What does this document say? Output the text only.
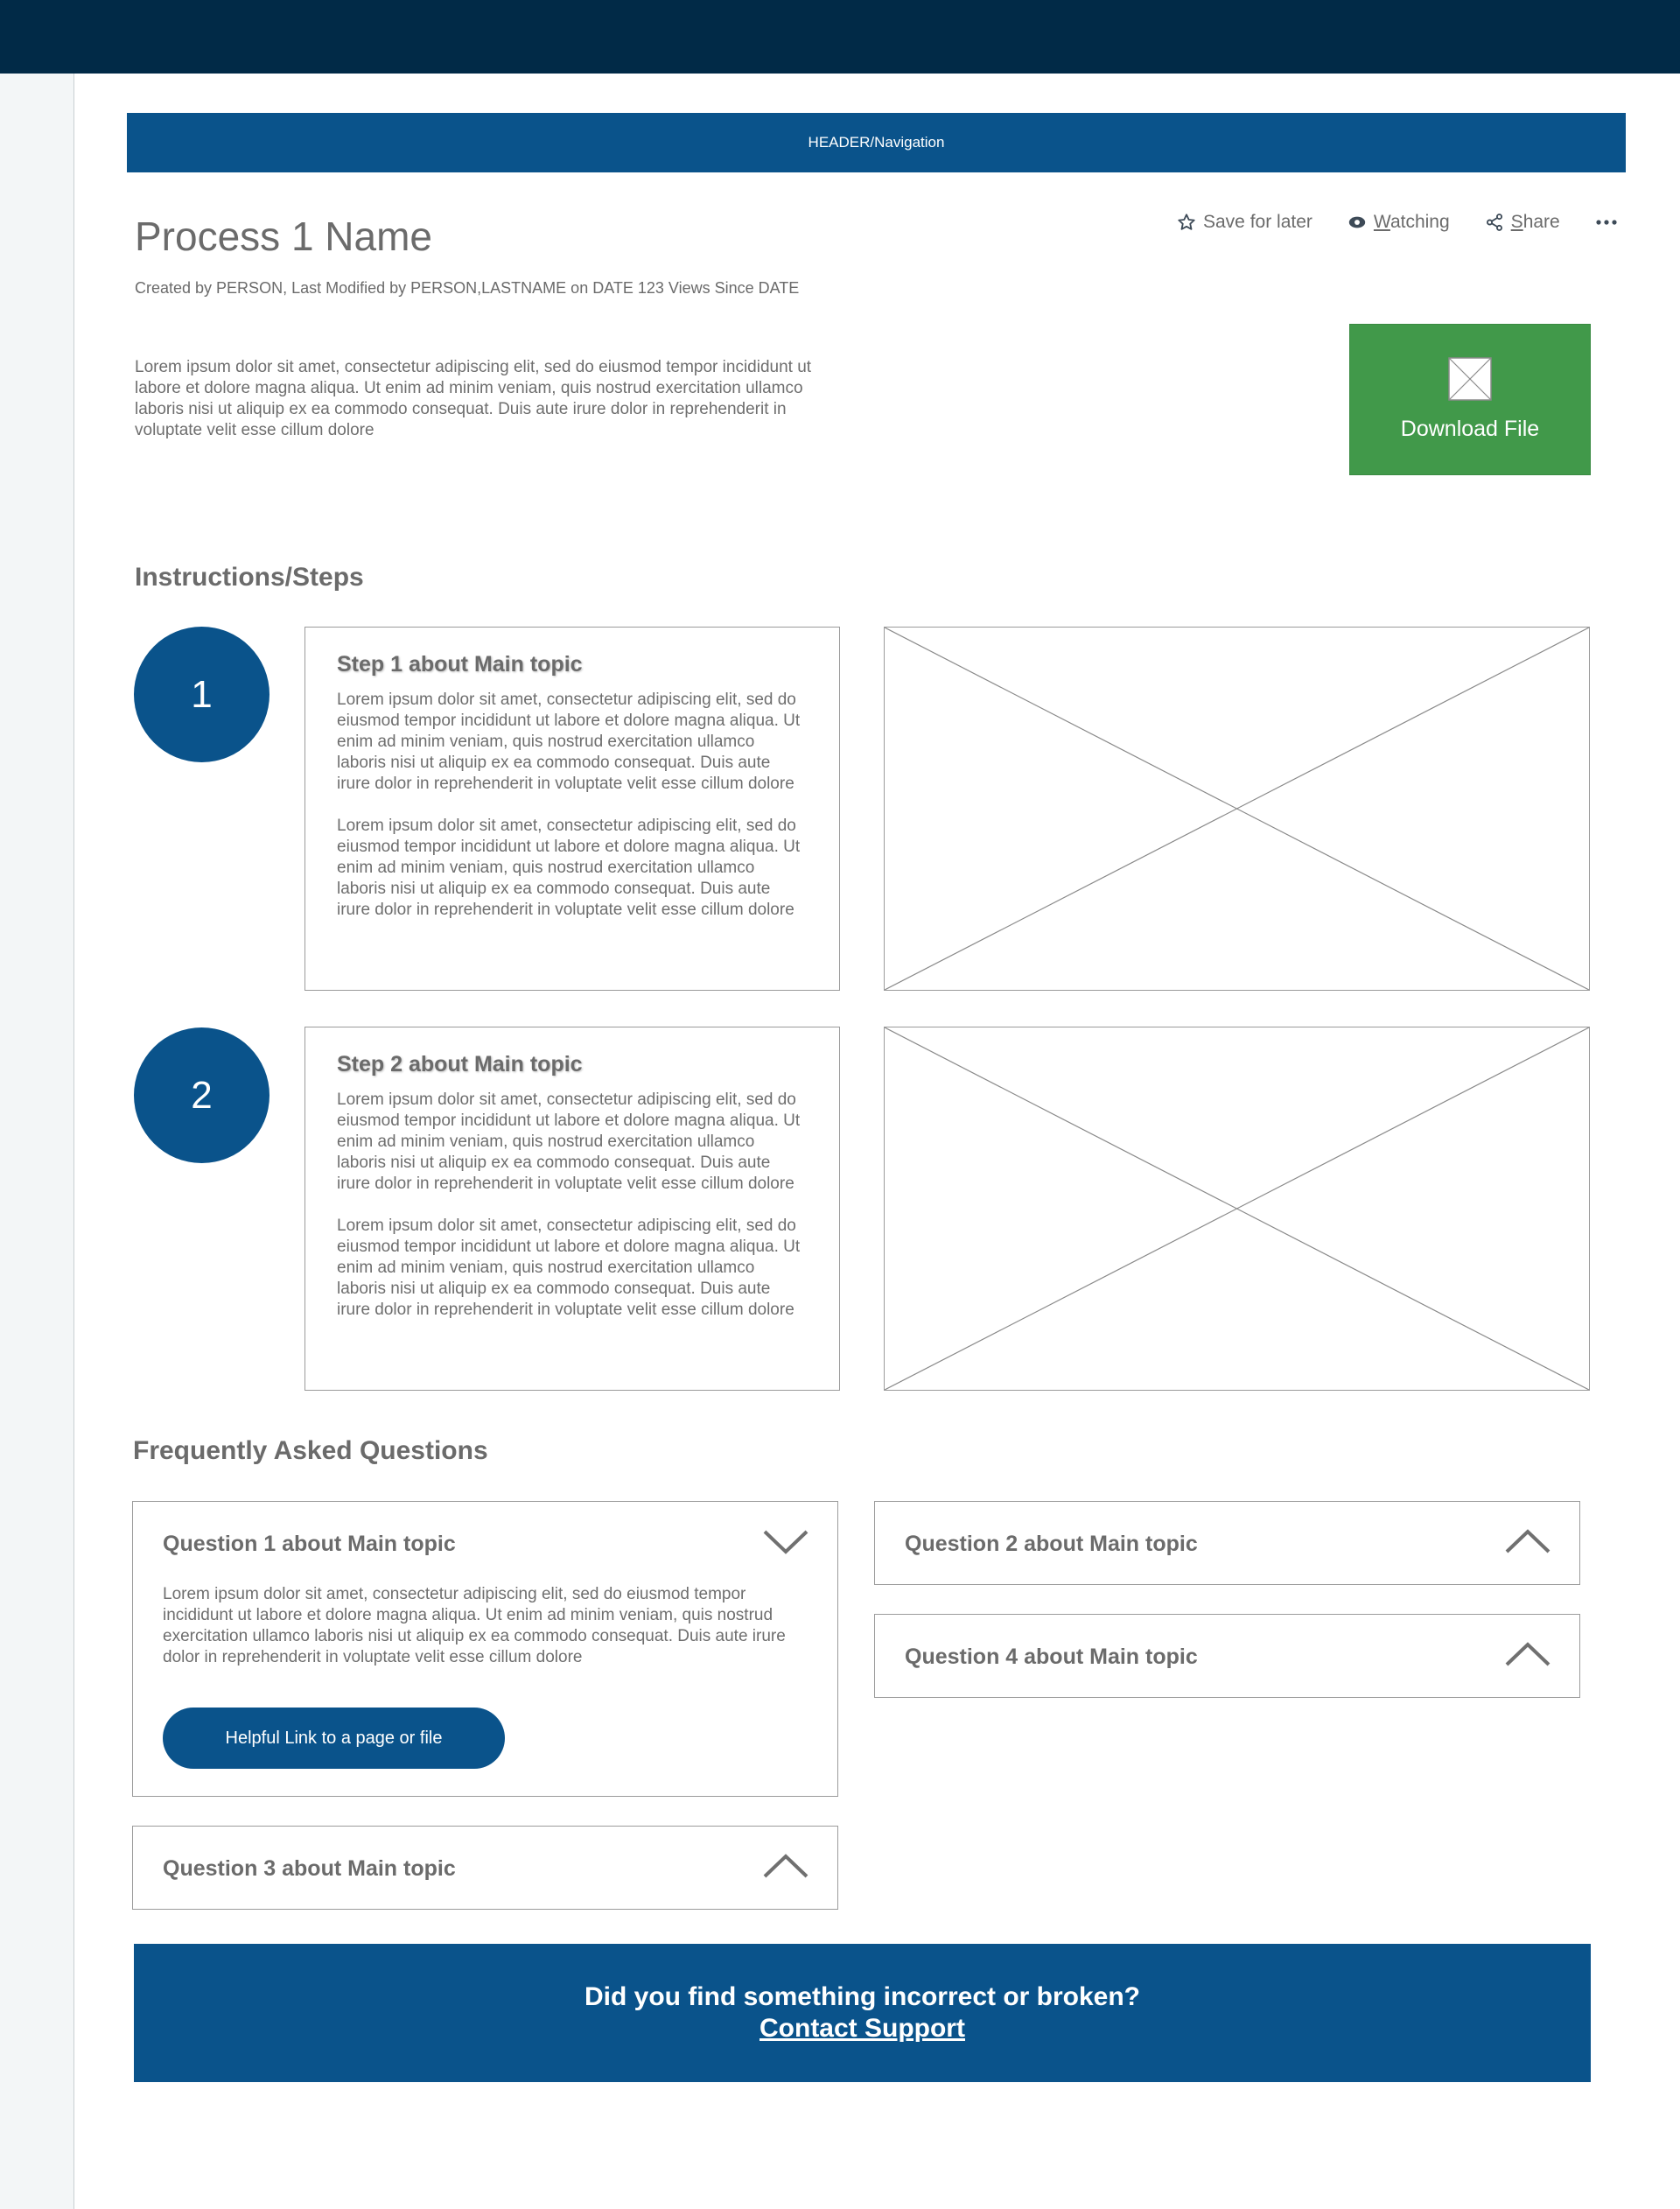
HEADER/Navigation
Process 1 Name
Created by PERSON, Last Modified by PERSON,LASTNAME on DATE 123 Views Since DATE
Save for later	Watching	Share

Lorem ipsum dolor sit amet, consectetur adipiscing elit, sed do eiusmod tempor incididunt ut labore et dolore magna aliqua. Ut enim ad minim veniam, quis nostrud exercitation ullamco laboris nisi ut aliquip ex ea commodo consequat. Duis aute irure dolor in reprehenderit in voluptate velit esse cillum dolore	Download File
Instructions/Steps
1
Step 1 about Main topic

Lorem ipsum dolor sit amet, consectetur adipiscing elit, sed do eiusmod tempor incididunt ut labore et dolore magna aliqua. Ut enim ad minim veniam, quis nostrud exercitation ullamco laboris nisi ut aliquip ex ea commodo consequat. Duis aute irure dolor in reprehenderit in voluptate velit esse cillum dolore

Lorem ipsum dolor sit amet, consectetur adipiscing elit, sed do eiusmod tempor incididunt ut labore et dolore magna aliqua. Ut enim ad minim veniam, quis nostrud exercitation ullamco laboris nisi ut aliquip ex ea commodo consequat. Duis aute irure dolor in reprehenderit in voluptate velit esse cillum dolore

2
Step 2 about Main topic

Lorem ipsum dolor sit amet, consectetur adipiscing elit, sed do eiusmod tempor incididunt ut labore et dolore magna aliqua. Ut enim ad minim veniam, quis nostrud exercitation ullamco laboris nisi ut aliquip ex ea commodo consequat. Duis aute irure dolor in reprehenderit in voluptate velit esse cillum dolore

Lorem ipsum dolor sit amet, consectetur adipiscing elit, sed do eiusmod tempor incididunt ut labore et dolore magna aliqua. Ut enim ad minim veniam, quis nostrud exercitation ullamco laboris nisi ut aliquip ex ea commodo consequat. Duis aute irure dolor in reprehenderit in voluptate velit esse cillum dolore

Frequently Asked Questions
Question 1 about Main topic

Lorem ipsum dolor sit amet, consectetur adipiscing elit, sed do eiusmod tempor incididunt ut labore et dolore magna aliqua. Ut enim ad minim veniam, quis nostrud exercitation ullamco laboris nisi ut aliquip ex ea commodo consequat. Duis aute irure dolor in reprehenderit in voluptate velit esse cillum dolore

Helpful Link to a page or file
Question 3 about Main topic
Question 2 about Main topic
Question 4 about Main topic
Did you find something incorrect or broken?
Contact Support
